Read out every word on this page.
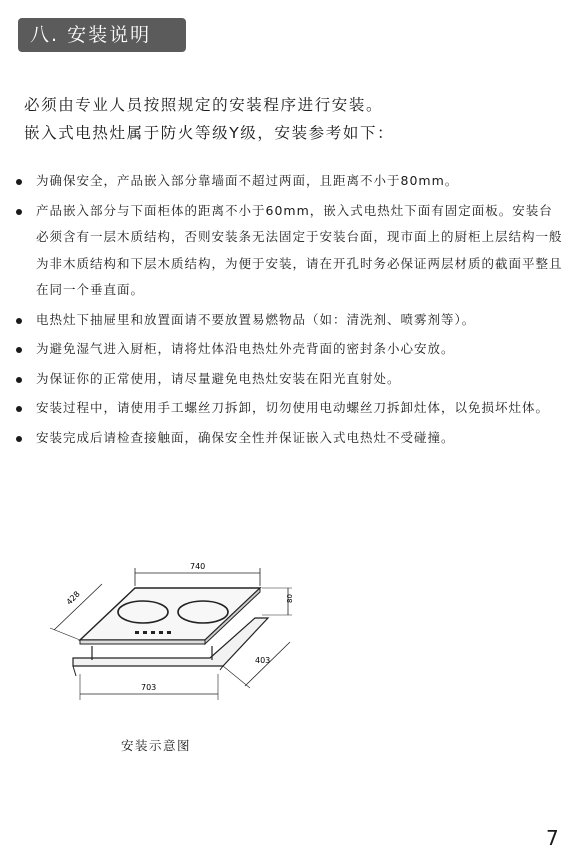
八. 安装说明
必须由专业人员按照规定的安装程序进行安装。
嵌入式电热灶属于防火等级Y级，安装参考如下：
为确保安全，产品嵌入部分靠墙面不超过两面，且距离不小于80mm。
产品嵌入部分与下面柜体的距离不小于60mm，嵌入式电热灶下面有固定面板。安装台必须含有一层木质结构，否则安装条无法固定于安装台面，现市面上的厨柜上层结构一般为非木质结构和下层木质结构，为便于安装，请在开孔时务必保证两层材质的截面平整且在同一个垂直面。
电热灶下抽屉里和放置面请不要放置易燃物品（如：清洗剂、喷雾剂等）。
为避免湿气进入厨柜，请将灶体沿电热灶外壳背面的密封条小心安放。
为保证你的正常使用，请尽量避免电热灶安装在阳光直射处。
安装过程中，请使用手工螺丝刀拆卸，切勿使用电动螺丝刀拆卸灶体，以免损坏灶体。
安装完成后请检查接触面，确保安全性并保证嵌入式电热灶不受碰撞。
740
428	80
403
703
安装示意图
7
